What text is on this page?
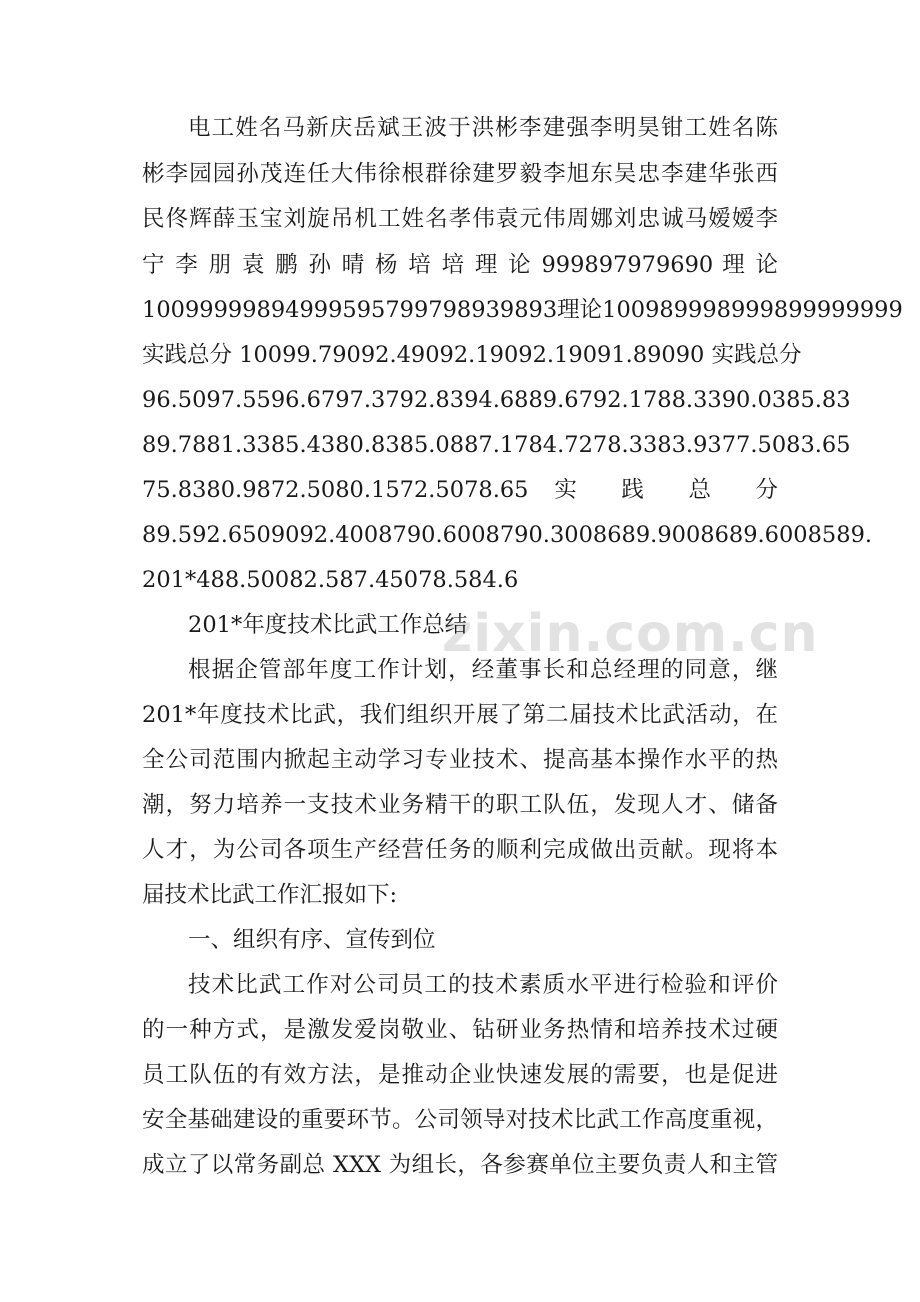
zixin.com.cn
电工姓名马新庆岳斌王波于洪彬李建强李明昊钳工姓名陈
彬李园园孙茂连任大伟徐根群徐建罗毅李旭东吴忠李建华张西
民佟辉薛玉宝刘旋吊机工姓名孝伟袁元伟周娜刘忠诚马嫒嫒李
宁 李 朋 袁 鹏 孙 晴 杨 培 培 理 论 999897979690 理 论
1009999989499959579979893989​3理论100989998999899999999
实践总分 10099.79092.49092.19092.19091.89090 实践总分
96.5097.5596.6797.3792.8394.6889.6792.1788.3390.0385.83
89.7881.3385.4380.8385.0887.1784.7278.3383.9377.5083.65
75.8380.9872.5080.1572.5078.65 实 践 总 分
89.592.6509092.4008790.6008790.3008689.9008689.6008589.
201*488.50082.587.45078.584.6
201*年度技术比武工作总结
根据企管部年度工作计划，经董事长和总经理的同意，继
201*年度技术比武，我们组织开展了第二届技术比武活动，在
全公司范围内掀起主动学习专业技术、提高基本操作水平的热
潮，努力培养一支技术业务精干的职工队伍，发现人才、储备
人才，为公司各项生产经营任务的顺利完成做出贡献。现将本
届技术比武工作汇报如下:
一、组织有序、宣传到位
技术比武工作对公司员工的技术素质水平进行检验和评价
的一种方式，是激发爱岗敬业、钻研业务热情和培养技术过硬
员工队伍的有效方法，是推动企业快速发展的需要，也是促进
安全基础建设的重要环节。公司领导对技术比武工作高度重视，
成立了以常务副总 XXX 为组长，各参赛单位主要负责人和主管
